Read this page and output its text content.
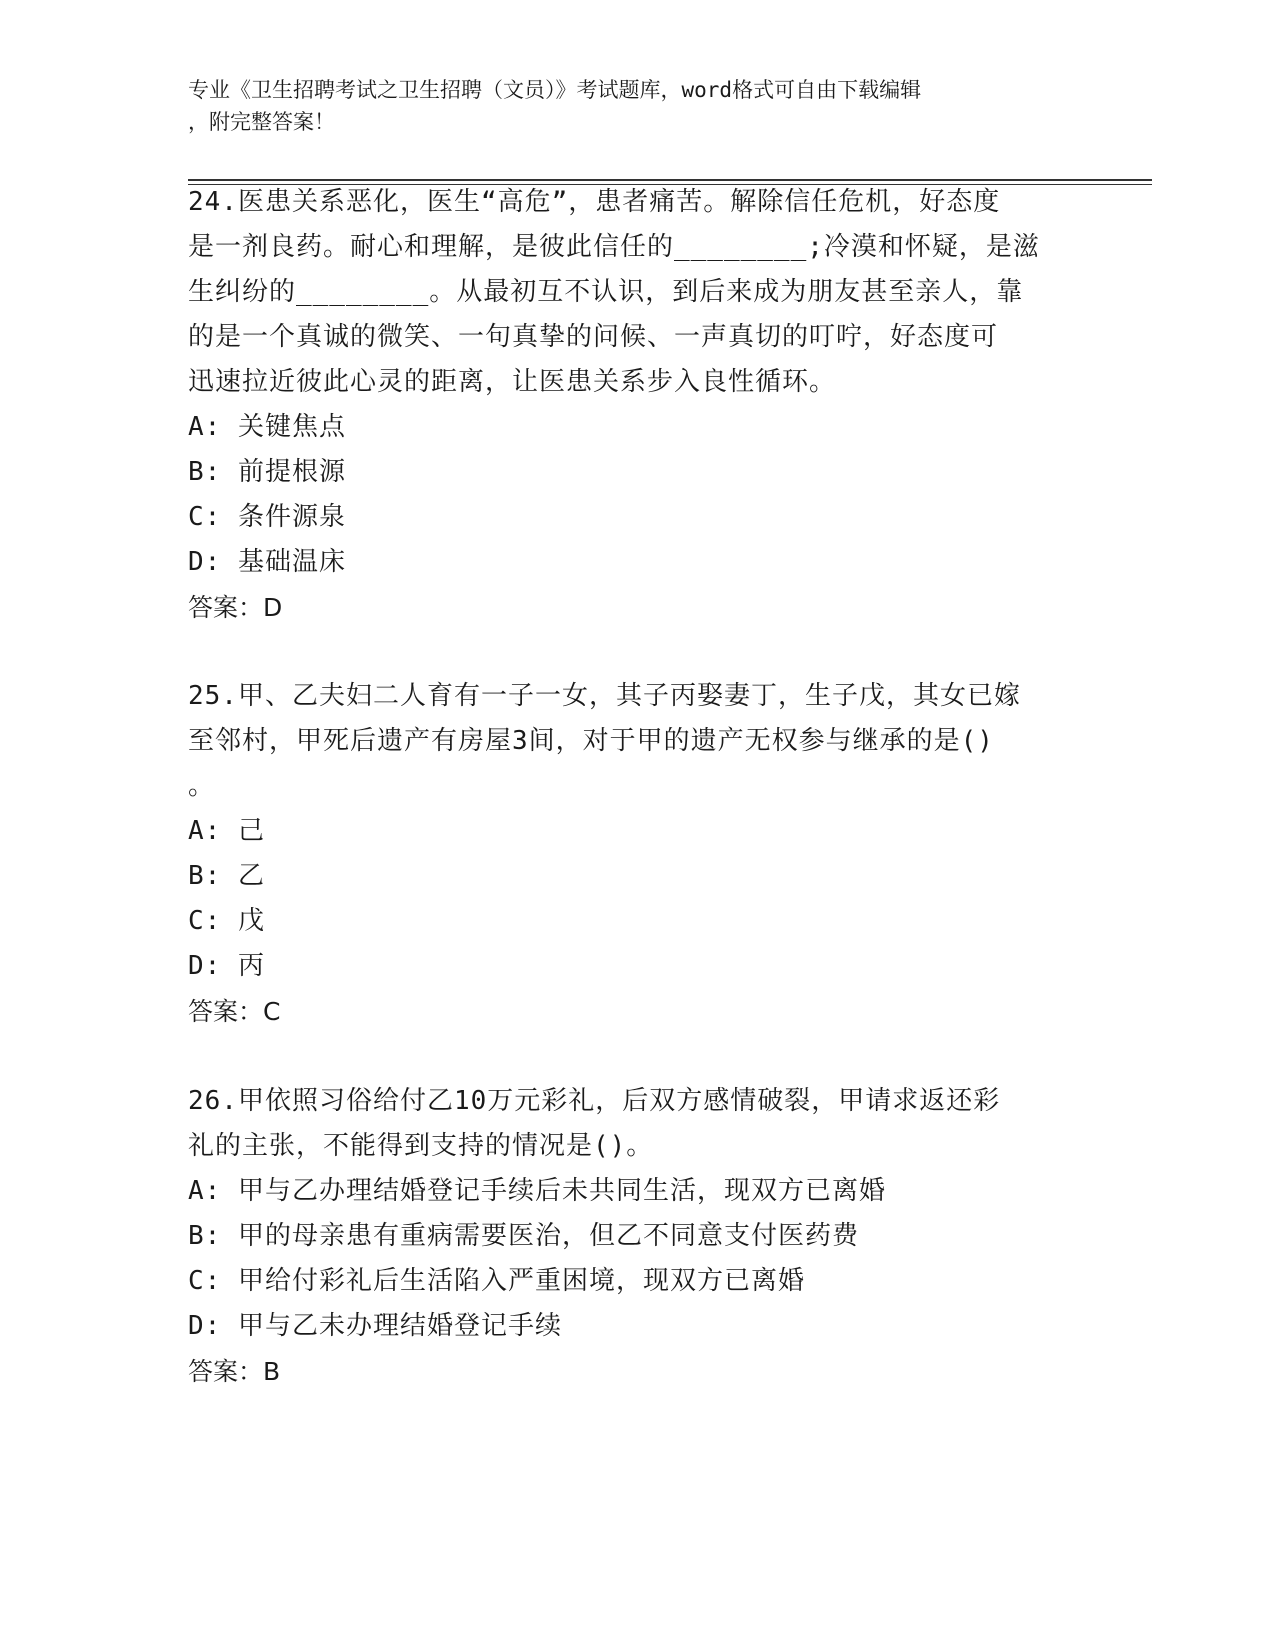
专业《卫生招聘考试之卫生招聘（文员）》考试题库，word格式可自由下载编辑
，附完整答案！
24.医患关系恶化，医生“高危”，患者痛苦。解除信任危机，好态度
是一剂良药。耐心和理解，是彼此信任的________;冷漠和怀疑，是滋
生纠纷的________。从最初互不认识，到后来成为朋友甚至亲人，靠
的是一个真诚的微笑、一句真挚的问候、一声真切的叮咛，好态度可
迅速拉近彼此心灵的距离，让医患关系步入良性循环。
A: 关键焦点
B: 前提根源
C: 条件源泉
D: 基础温床
答案：D
25.甲、乙夫妇二人育有一子一女，其子丙娶妻丁，生子戊，其女已嫁
至邻村，甲死后遗产有房屋3间，对于甲的遗产无权参与继承的是()
。
A: 己
B: 乙
C: 戊
D: 丙
答案：C
26.甲依照习俗给付乙10万元彩礼，后双方感情破裂，甲请求返还彩
礼的主张，不能得到支持的情况是()。
A: 甲与乙办理结婚登记手续后未共同生活，现双方已离婚
B: 甲的母亲患有重病需要医治，但乙不同意支付医药费
C: 甲给付彩礼后生活陷入严重困境，现双方已离婚
D: 甲与乙未办理结婚登记手续
答案：B
